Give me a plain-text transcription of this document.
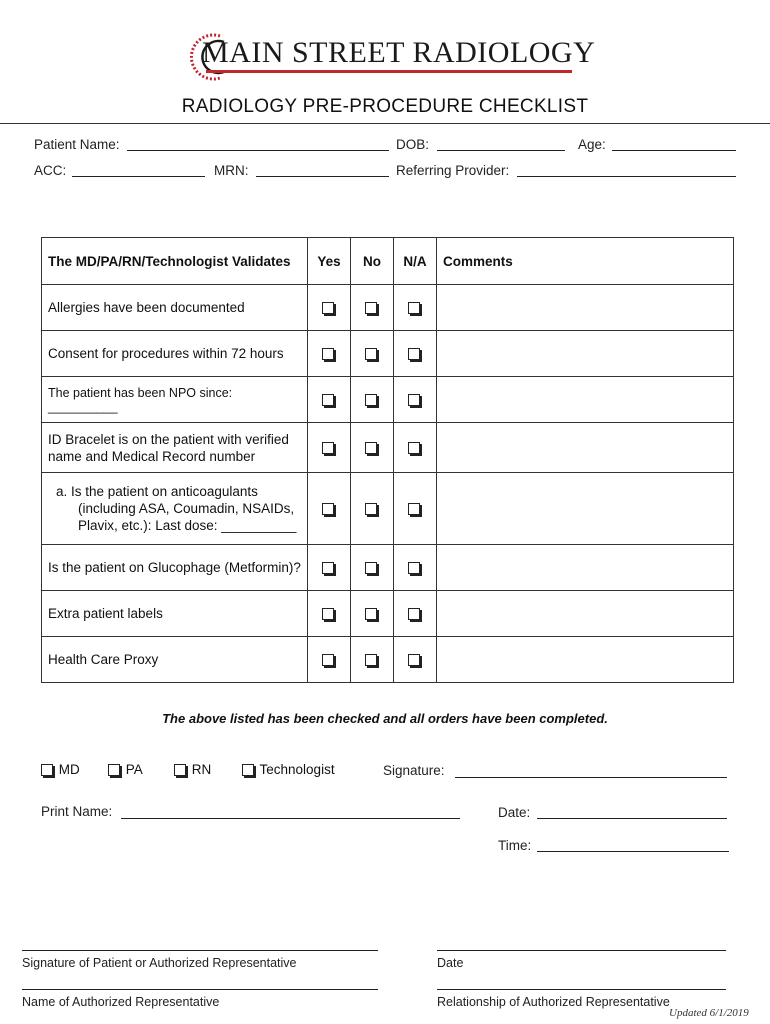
MAIN STREET RADIOLOGY
RADIOLOGY PRE-PROCEDURE CHECKLIST
Patient Name:	DOB:	Age:
ACC:	MRN:	Referring Provider:
The MD/PA/RN/Technologist Validates	Yes	No	N/A	Comments
Allergies have been documented				
Consent for procedures within 72 hours				
The patient has been NPO since: __________				

ID Bracelet is on the patient with verified
name and Medical Record number				

a. Is the patient on anticoagulants
(including ASA, Coumadin, NSAIDs,
Plavix, etc.): Last dose: __________				

Is the patient on Glucophage (Metformin)?				
Extra patient labels				
Health Care Proxy				
The above listed has been checked and all orders have been completed.
MD	PA	RN	Technologist	Signature:
Print Name:	Date:
Time:
Signature of Patient or Authorized Representative	Date
Name of Authorized Representative	Relationship of Authorized Representative
Updated 6/1/2019
